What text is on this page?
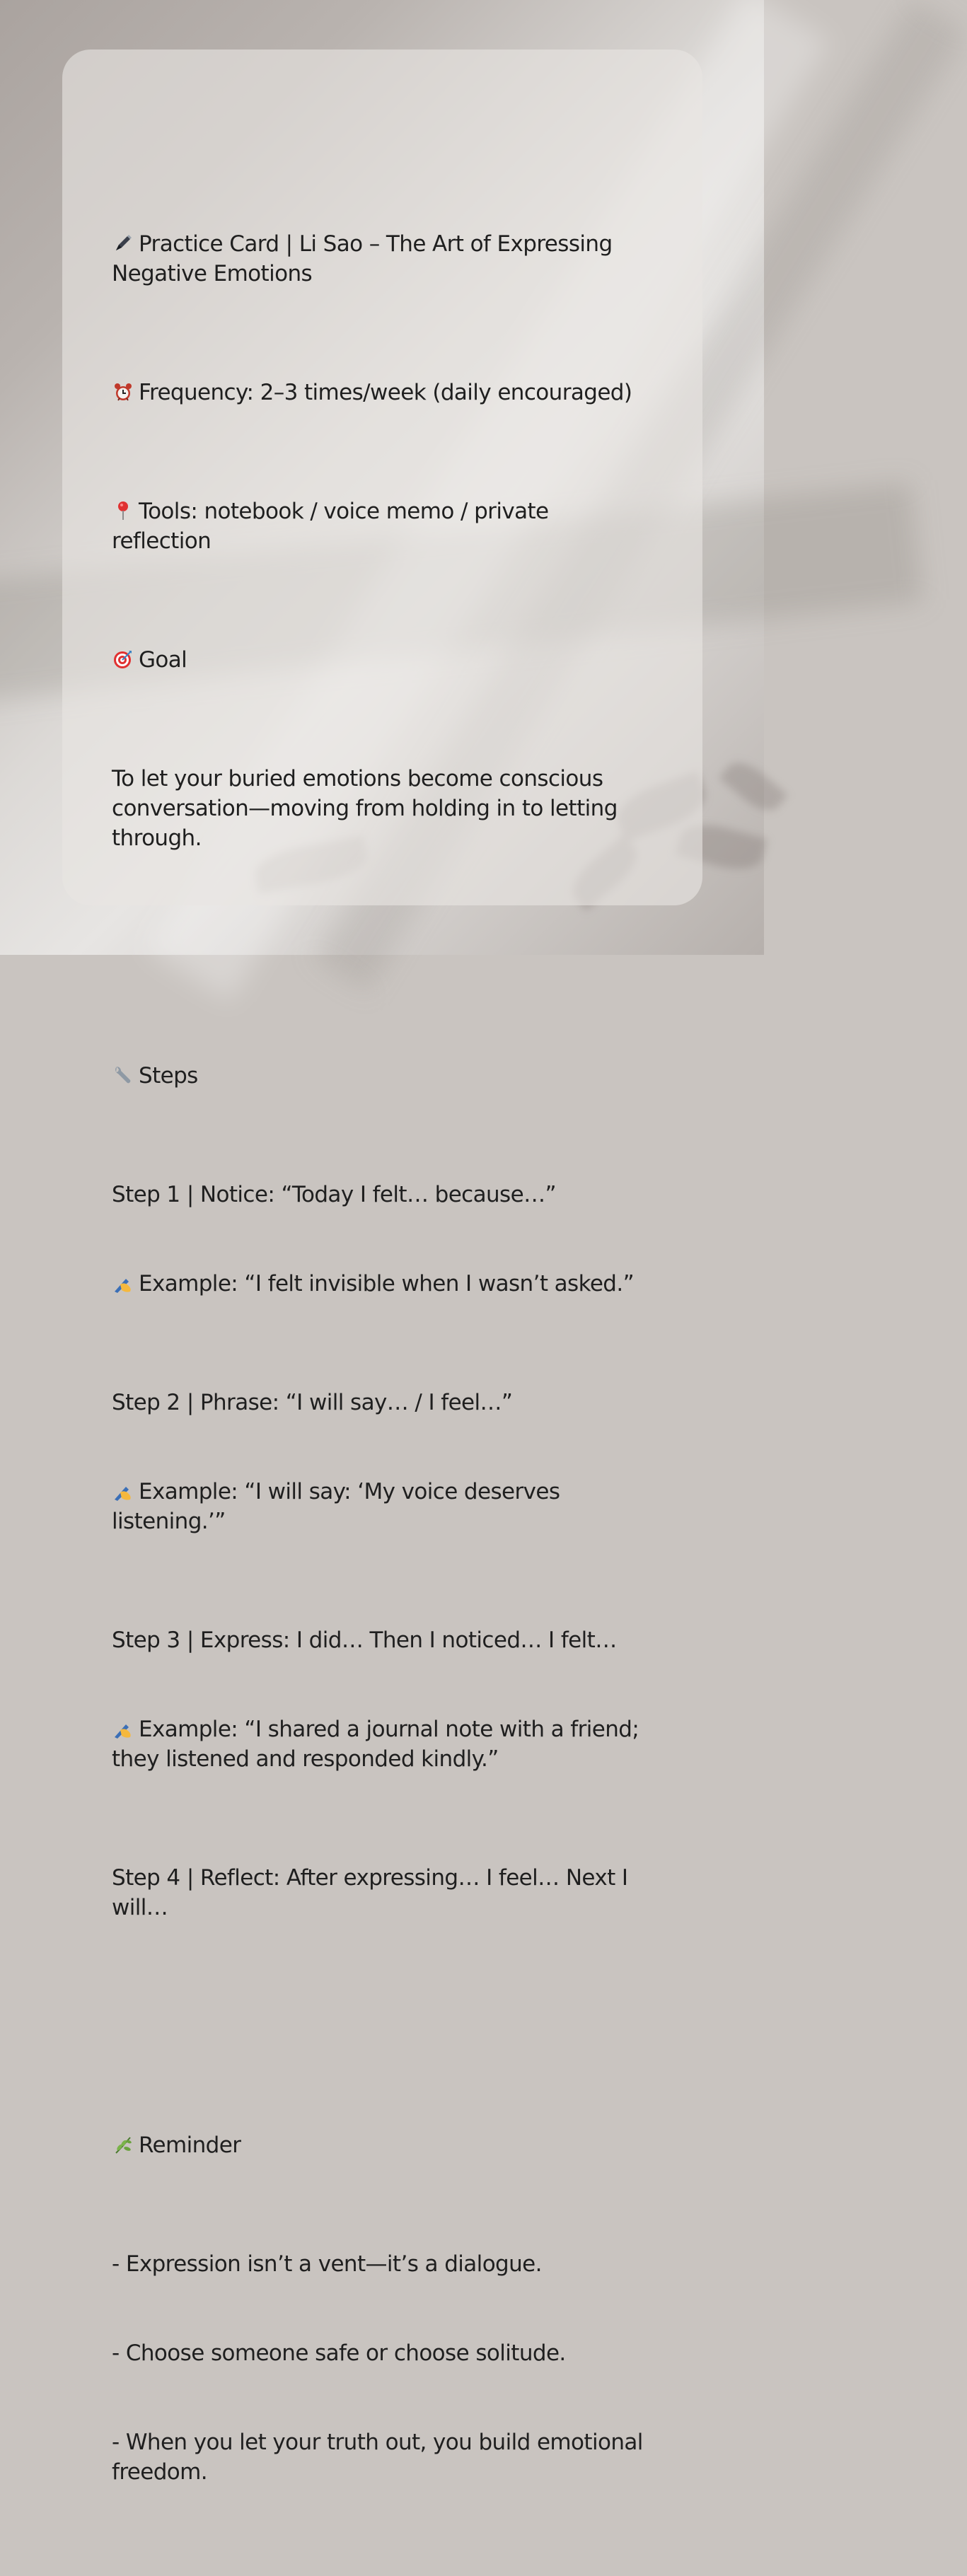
Practice Card | Li Sao – The Art of Expressing Negative Emotions

Frequency: 2–3 times/week (daily encouraged)

Tools: notebook / voice memo / private reflection

Goal

To let your buried emotions become conscious conversation—moving from holding in to letting through.

Steps

Step 1 | Notice: “Today I felt… because…”

Example: “I felt invisible when I wasn’t asked.”

Step 2 | Phrase: “I will say… / I feel…”

Example: “I will say: ‘My voice deserves listening.’”

Step 3 | Express: I did… Then I noticed… I felt…

Example: “I shared a journal note with a friend; they listened and responded kindly.”

Step 4 | Reflect: After expressing… I feel… Next I will…

Reminder

- Expression isn’t a vent—it’s a dialogue.

- Choose someone safe or choose solitude.

- When you let your truth out, you build emotional freedom.
